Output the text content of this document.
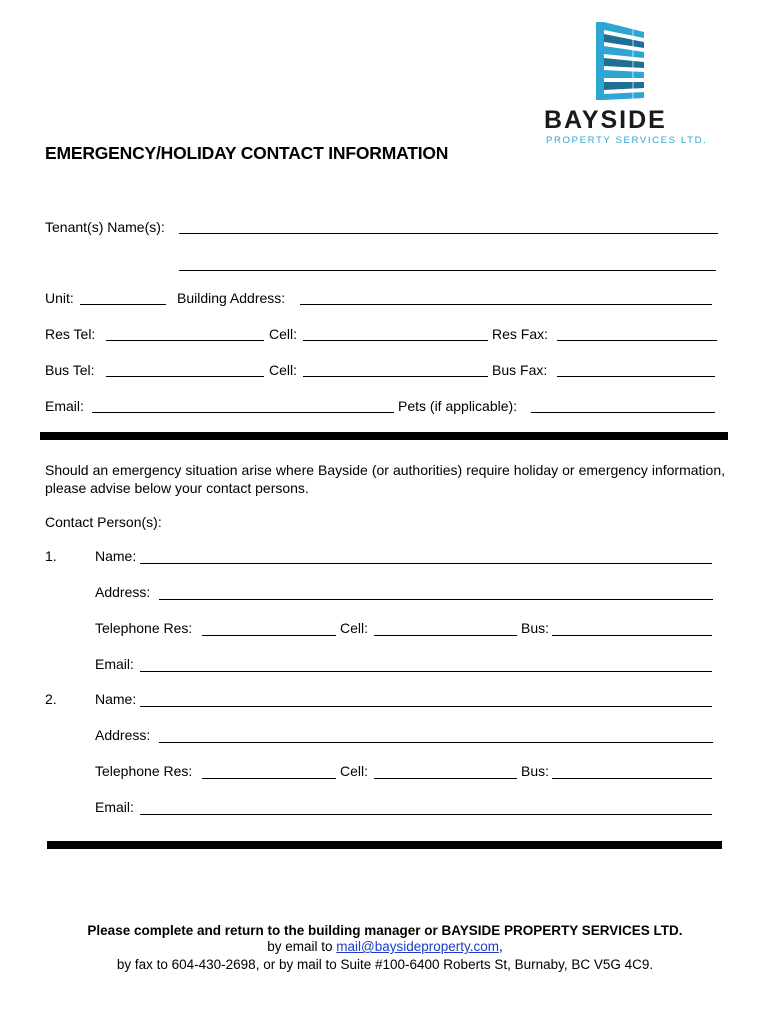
BAYSIDE
PROPERTY SERVICES LTD.
EMERGENCY/HOLIDAY CONTACT INFORMATION
Tenant(s) Name(s):
Unit:	Building Address:
Res Tel:	Cell:	Res Fax:
Bus Tel:	Cell:	Bus Fax:
Email:	Pets (if applicable):
Should an emergency situation arise where Bayside (or authorities) require holiday or emergency information, please advise below your contact persons.
Contact Person(s):
1.	Name:
Address:
Telephone Res:	Cell:	Bus:
Email:
2.	Name:
Address:
Telephone Res:	Cell:	Bus:
Email:
Please complete and return to the building manager or BAYSIDE PROPERTY SERVICES LTD.
by email to mail@baysideproperty.com,
by fax to 604-430-2698, or by mail to Suite #100-6400 Roberts St, Burnaby, BC V5G 4C9.
